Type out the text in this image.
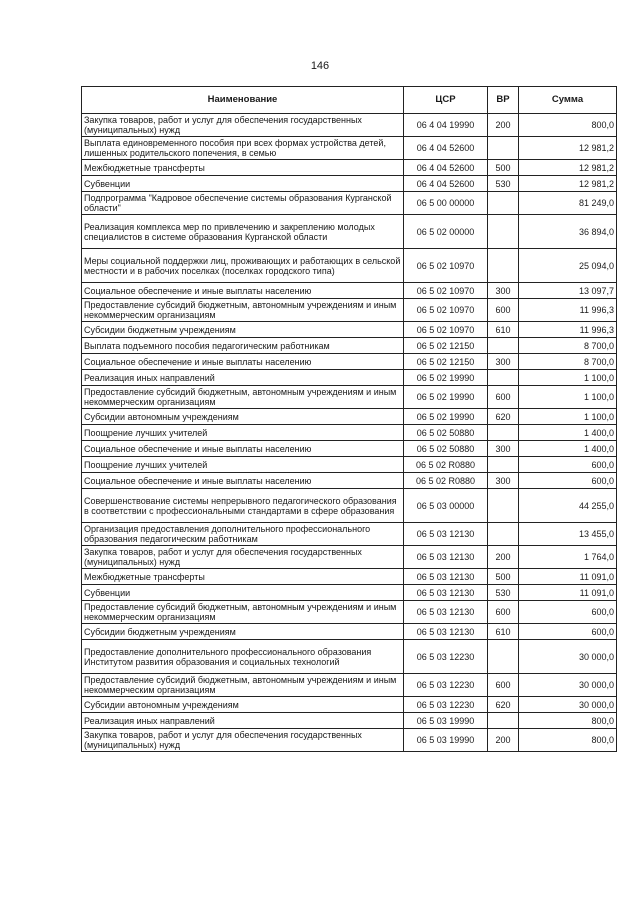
146
Наименование	ЦСР	ВР	Сумма
Закупка товаров, работ и услуг для обеспечения государственных (муниципальных) нужд	06 4 04 19990	200	800,0
Выплата единовременного пособия при всех формах устройства детей, лишенных родительского попечения, в семью	06 4 04 52600		12 981,2
Межбюджетные трансферты	06 4 04 52600	500	12 981,2
Субвенции	06 4 04 52600	530	12 981,2
Подпрограмма "Кадровое обеспечение системы образования Курганской области"	06 5 00 00000		81 249,0
Реализация комплекса мер по привлечению и закреплению молодых специалистов в системе образования Курганской области	06 5 02 00000		36 894,0
Меры социальной поддержки лиц, проживающих и работающих в сельской местности и в рабочих поселках (поселках городского типа)	06 5 02 10970		25 094,0
Социальное обеспечение и иные выплаты населению	06 5 02 10970	300	13 097,7
Предоставление субсидий бюджетным, автономным учреждениям и иным некоммерческим организациям	06 5 02 10970	600	11 996,3
Субсидии бюджетным учреждениям	06 5 02 10970	610	11 996,3
Выплата подъемного пособия педагогическим работникам	06 5 02 12150		8 700,0
Социальное обеспечение и иные выплаты населению	06 5 02 12150	300	8 700,0
Реализация иных направлений	06 5 02 19990		1 100,0
Предоставление субсидий бюджетным, автономным учреждениям и иным некоммерческим организациям	06 5 02 19990	600	1 100,0
Субсидии автономным учреждениям	06 5 02 19990	620	1 100,0
Поощрение лучших учителей	06 5 02 50880		1 400,0
Социальное обеспечение и иные выплаты населению	06 5 02 50880	300	1 400,0
Поощрение лучших учителей	06 5 02 R0880		600,0
Социальное обеспечение и иные выплаты населению	06 5 02 R0880	300	600,0
Совершенствование системы непрерывного педагогического образования в соответствии с профессиональными стандартами в сфере образования	06 5 03 00000		44 255,0
Организация предоставления дополнительного профессионального образования педагогическим работникам	06 5 03 12130		13 455,0
Закупка товаров, работ и услуг для обеспечения государственных (муниципальных) нужд	06 5 03 12130	200	1 764,0
Межбюджетные трансферты	06 5 03 12130	500	11 091,0
Субвенции	06 5 03 12130	530	11 091,0
Предоставление субсидий бюджетным, автономным учреждениям и иным некоммерческим организациям	06 5 03 12130	600	600,0
Субсидии бюджетным учреждениям	06 5 03 12130	610	600,0
Предоставление дополнительного профессионального образования Институтом развития образования и социальных технологий	06 5 03 12230		30 000,0
Предоставление субсидий бюджетным, автономным учреждениям и иным некоммерческим организациям	06 5 03 12230	600	30 000,0
Субсидии автономным учреждениям	06 5 03 12230	620	30 000,0
Реализация иных направлений	06 5 03 19990		800,0
Закупка товаров, работ и услуг для обеспечения государственных (муниципальных) нужд	06 5 03 19990	200	800,0
